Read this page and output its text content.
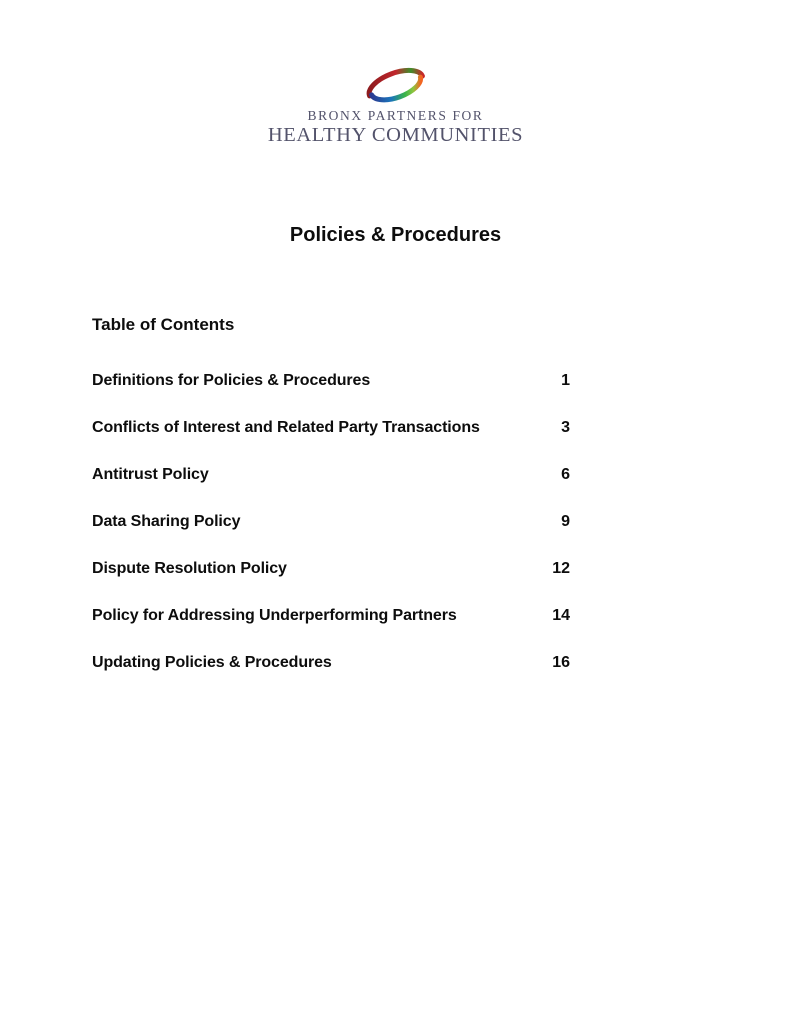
BRONX PARTNERS FOR
HEALTHY COMMUNITIES
Policies & Procedures
Table of Contents
Definitions for Policies & Procedures	1
Conflicts of Interest and Related Party Transactions	3
Antitrust Policy	6
Data Sharing Policy	9
Dispute Resolution Policy	12
Policy for Addressing Underperforming Partners	14
Updating Policies & Procedures	16
